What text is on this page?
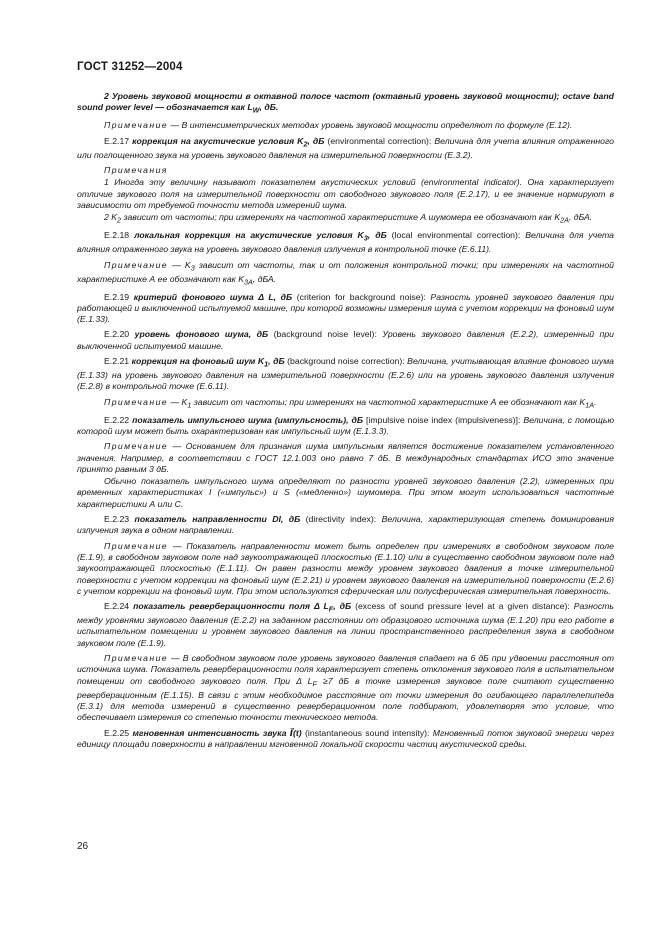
ГОСТ 31252—2004

2 Уровень звуковой мощности в октавной полосе частот (октавный уровень звуковой мощности); octave band sound power level — обозначается как $L_W$, дБ.

Примечание — В интенсиметрических методах уровень звуковой мощности определяют по формуле (Е.12).

Е.2.17 коррекция на акустические условия $K_2$, дБ (environmental correction): Величина для учета влияния отраженного или поглощенного звука на уровень звукового давления на измерительной поверхности (Е.3.2).

Примечания

1 Иногда эту величину называют показателем акустических условий (environmental indicator). Она характеризует отличие звукового поля на измерительной поверхности от свободного звукового поля (Е.2.17), и ее значение нормируют в зависимости от требуемой точности метода измерений шума.

2 $K_2$ зависит от частоты; при измерениях на частотной характеристике А шумомера ее обозначают как $K_{2A}$, дБА.

Е.2.18 локальная коррекция на акустические условия $K_3$, дБ (local environmental correction): Величина для учета влияния отраженного звука на уровень звукового давления излучения в контрольной точке (Е.6.11).

Примечание — $K_3$ зависит от частоты, так и от положения контрольной точки; при измерениях на частотной характеристике А ее обозначают как $K_{3A}$, дБА.

Е.2.19 критерий фонового шума Δ L, дБ (criterion for background noise): Разность уровней звукового давления при работающей и выключенной испытуемой машине, при которой возможны измерения шума с учетом коррекции на фоновый шум (Е.1.33).

Е.2.20 уровень фонового шума, дБ (background noise level): Уровень звукового давления (Е.2.2), измеренный при выключенной испытуемой машине.

Е.2.21 коррекция на фоновый шум $K_1$, дБ (background noise correction): Величина, учитывающая влияние фонового шума (Е.1.33) на уровень звукового давления на измерительной поверхности (Е.2.6) или на уровень звукового давления излучения (Е.2.8) в контрольной точке (Е.6.11).

Примечание — $K_1$ зависит от частоты; при измерениях на частотной характеристике А ее обозначают как $K_{1A}$.

Е.2.22 показатель импульсного шума (импульсность), дБ [impulsive noise index (impulsiveness)]: Величина, с помощью которой шум может быть охарактеризован как импульсный шум (Е.1.3.3).

Примечание — Основанием для признания шума импульсным является достижение показателем установленного значения. Например, в соответствии с ГОСТ 12.1.003 оно равно 7 дБ. В международных стандартах ИСО это значение принято равным 3 дБ.

Обычно показатель импульсного шума определяют по разности уровней звукового давления (2.2), измеренных при временных характеристиках I («импульс») и S («медленно») шумомера. При этом могут использоваться частотные характеристики А или С.

Е.2.23 показатель направленности DI, дБ (directivity index): Величина, характеризующая степень доминирования излучения звука в одном направлении.

Примечание — Показатель направленности может быть определен при измерениях в свободном звуковом поле (Е.1.9), в свободном звуковом поле над звукоотражающей плоскостью (Е.1.10) или в существенно свободном звуковом поле над звукоотражающей плоскостью (Е.1.11). Он равен разности между уровнем звукового давления в точке измерительной поверхности с учетом коррекции на фоновый шум (Е.2.21) и уровнем звукового давления на измерительной поверхности (Е.2.6) с учетом коррекции на фоновый шум. При этом используются сферическая или полусферическая измерительная поверхность.

Е.2.24 показатель реверберационности поля Δ $L_F$, дБ (excess of sound pressure level at a given distance): Разность между уровнями звукового давления (Е.2.2) на заданном расстоянии от образцового источника шума (Е.1.20) при его работе в испытательном помещении и уровнем звукового давления на линии пространственного распределения звука в свободном звуковом поле (Е.1.9).

Примечание — В свободном звуковом поле уровень звукового давления спадает на 6 дБ при удвоении расстояния от источника шума. Показатель реверберационности поля характеризует степень отклонения звукового поля в испытательном помещении от свободного звукового поля. При Δ $L_F \ge 7$ дБ в точке измерения звуковое поле считают существенно реверберационным (Е.1.15). В связи с этим необходимое расстояние от точки измерения до огибающего параллелепипеда (Е.3.1) для метода измерений в существенно реверберационном поле подбирают, удовлетворяя это условие, что обеспечивает измерения со степенью точности технического метода.

Е.2.25 мгновенная интенсивность звука I⃗(t) (instantaneous sound intensity): Мгновенный поток звуковой энергии через единицу площади поверхности в направлении мгновенной локальной скорости частиц акустической среды.

26
